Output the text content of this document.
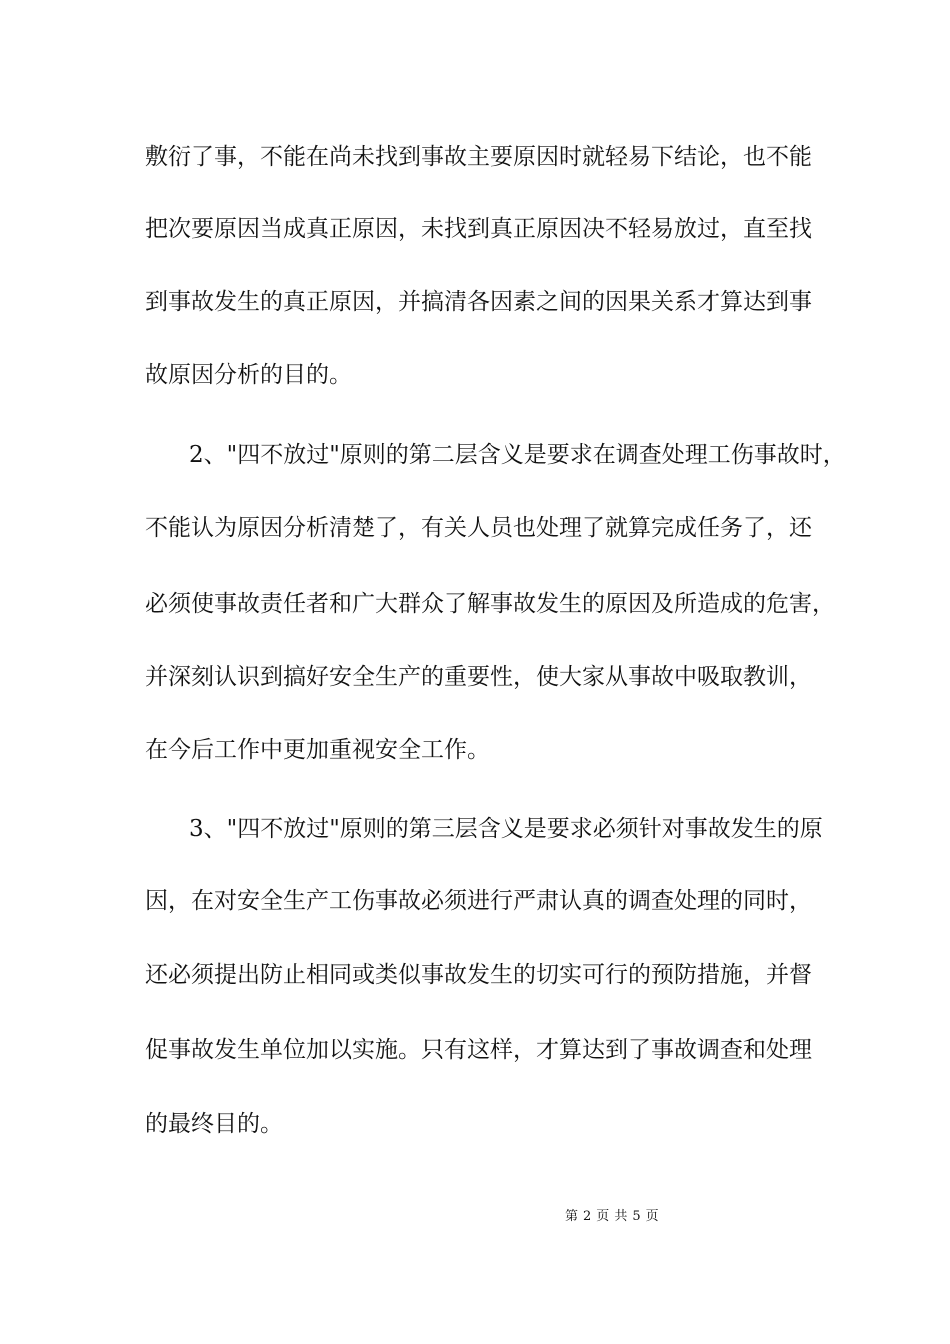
敷衍了事，不能在尚未找到事故主要原因时就轻易下结论，也不能
把次要原因当成真正原因，未找到真正原因决不轻易放过，直至找
到事故发生的真正原因，并搞清各因素之间的因果关系才算达到事
故原因分析的目的。
2、"四不放过"原则的第二层含义是要求在调查处理工伤事故时，
不能认为原因分析清楚了，有关人员也处理了就算完成任务了，还
必须使事故责任者和广大群众了解事故发生的原因及所造成的危害，
并深刻认识到搞好安全生产的重要性，使大家从事故中吸取教训，
在今后工作中更加重视安全工作。
3、"四不放过"原则的第三层含义是要求必须针对事故发生的原
因，在对安全生产工伤事故必须进行严肃认真的调查处理的同时，
还必须提出防止相同或类似事故发生的切实可行的预防措施，并督
促事故发生单位加以实施。只有这样，才算达到了事故调查和处理
的最终目的。
第 2 页 共 5 页
